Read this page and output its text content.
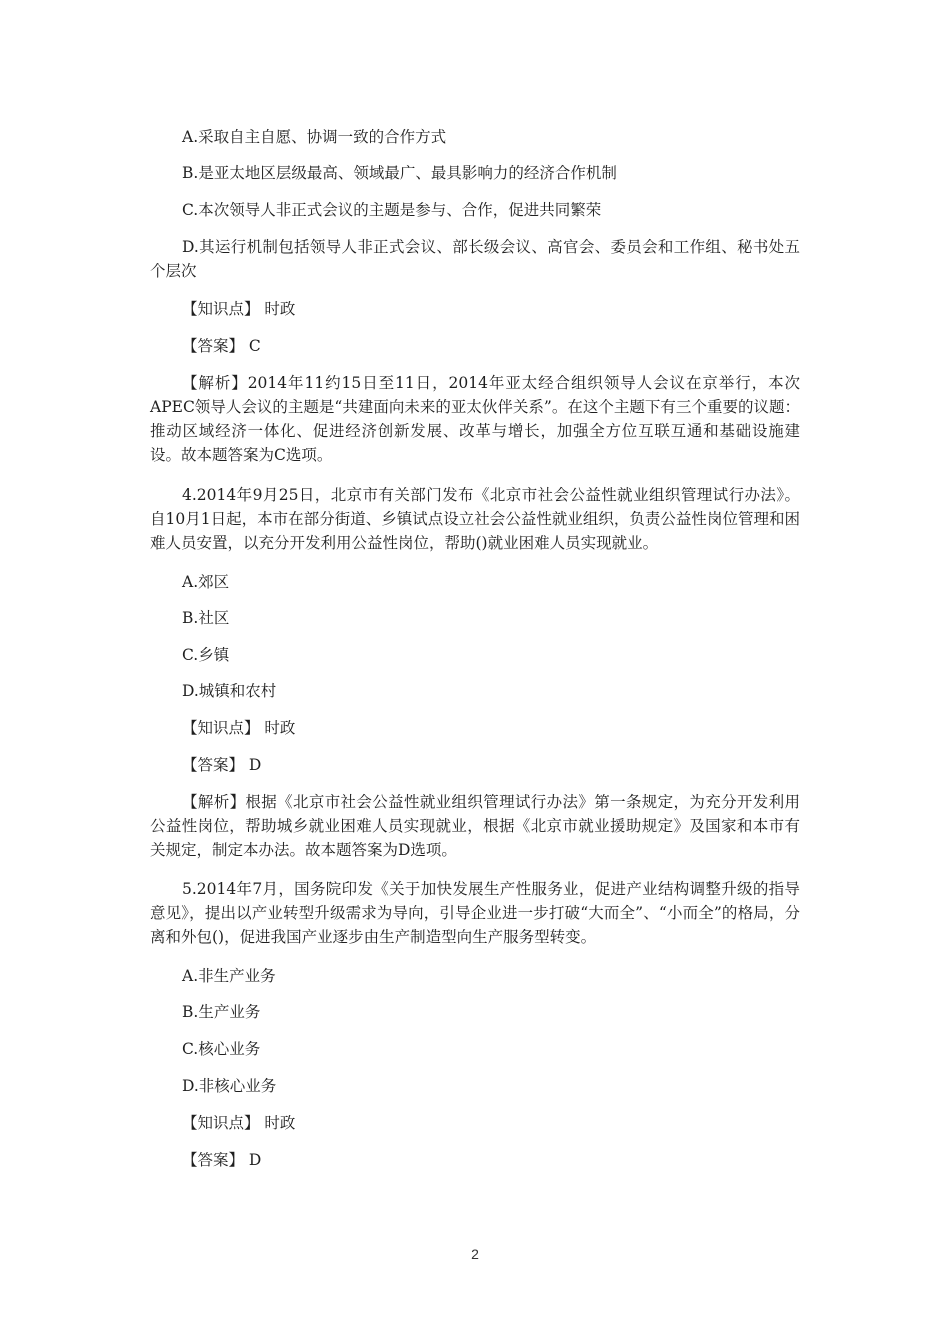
A.采取自主自愿、协调一致的合作方式

B.是亚太地区层级最高、领域最广、最具影响力的经济合作机制

C.本次领导人非正式会议的主题是参与、合作，促进共同繁荣

D.其运行机制包括领导人非正式会议、部长级会议、高官会、委员会和工作组、秘书处五个层次

【知识点】 时政

【答案】 C

【解析】2014年11约15日至11日，2014年亚太经合组织领导人会议在京举行，本次APEC领导人会议的主题是“共建面向未来的亚太伙伴关系”。在这个主题下有三个重要的议题：推动区域经济一体化、促进经济创新发展、改革与增长，加强全方位互联互通和基础设施建设。故本题答案为C选项。

4.2014年9月25日，北京市有关部门发布《北京市社会公益性就业组织管理试行办法》。自10月1日起，本市在部分街道、乡镇试点设立社会公益性就业组织，负责公益性岗位管理和困难人员安置，以充分开发利用公益性岗位，帮助()就业困难人员实现就业。

A.郊区

B.社区

C.乡镇

D.城镇和农村

【知识点】 时政

【答案】 D

【解析】根据《北京市社会公益性就业组织管理试行办法》第一条规定，为充分开发利用公益性岗位，帮助城乡就业困难人员实现就业，根据《北京市就业援助规定》及国家和本市有关规定，制定本办法。故本题答案为D选项。

5.2014年7月，国务院印发《关于加快发展生产性服务业，促进产业结构调整升级的指导意见》，提出以产业转型升级需求为导向，引导企业进一步打破“大而全”、“小而全”的格局，分离和外包()，促进我国产业逐步由生产制造型向生产服务型转变。

A.非生产业务

B.生产业务

C.核心业务

D.非核心业务

【知识点】 时政

【答案】 D

2
